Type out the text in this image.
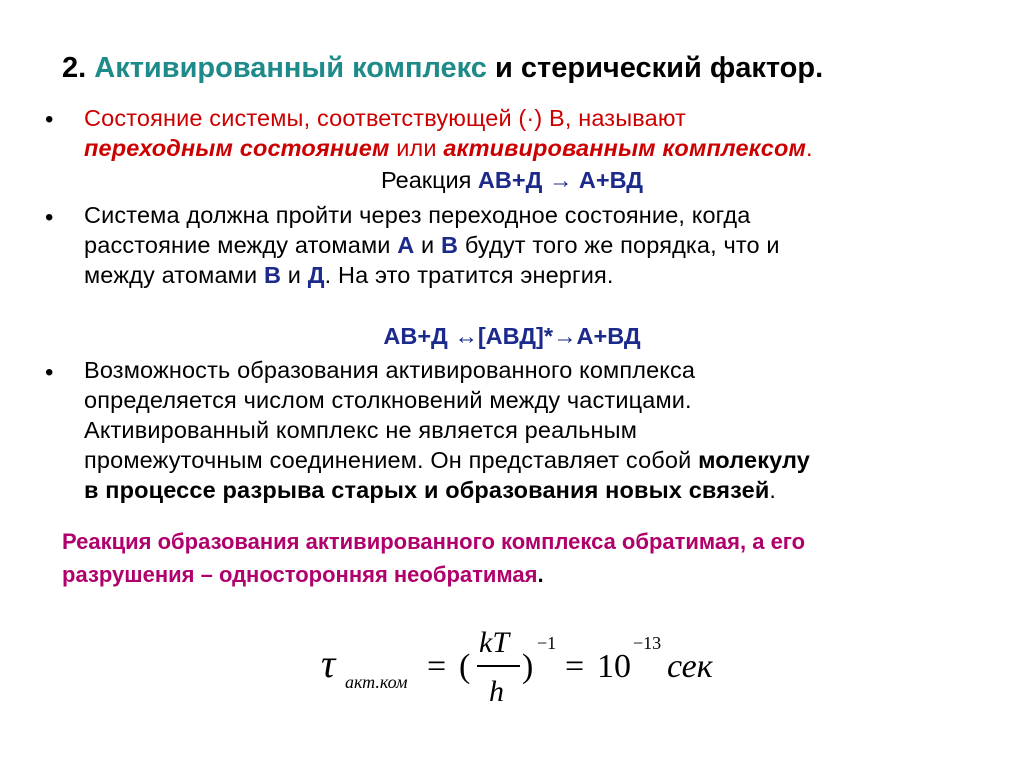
2. Активированный комплекс и стерический фактор.
• Состояние системы, соответствующей (·) В, называют
переходным состоянием или активированным комплексом.
Реакция АВ+Д → А+ВД
• Система должна пройти через переходное состояние, когда
расстояние между атомами А и В будут того же порядка, что и
между атомами В и Д. На это тратится энергия.
АВ+Д ↔[АВД]*→А+ВД
• Возможность образования активированного комплекса
определяется числом столкновений между частицами.
Активированный комплекс не является реальным
промежуточным соединением. Он представляет собой молекулу
в процессе разрыва старых и образования новых связей.
Реакция образования активированного комплекса обратимая, а его
разрушения – односторонняя необратимая.
τ акт.ком = (
kT
h
)
−1
= 10
−13
сек
